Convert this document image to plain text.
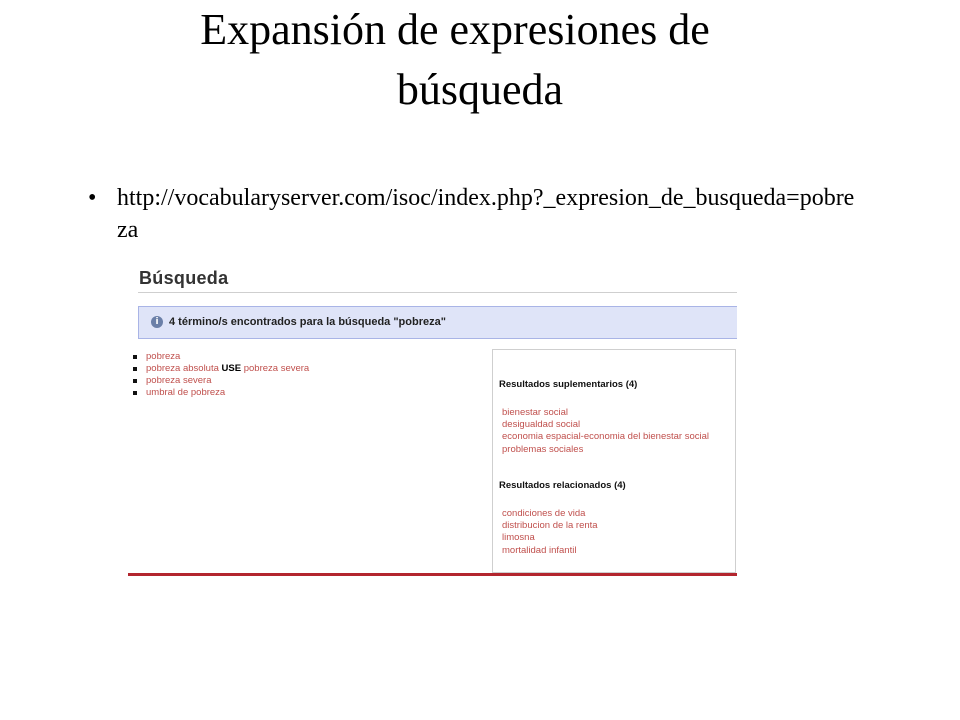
Expansión de expresiones de
búsqueda
• http://vocabularyserver.com/isoc/index.php?_expresion_de_busqueda=pobreza
Búsqueda
i 4 término/s encontrados para la búsqueda "pobreza"
pobreza
pobreza absoluta USE pobreza severa
pobreza severa
umbral de pobreza
Resultados suplementarios (4)
bienestar social
desigualdad social
economia espacial-economia del bienestar social
problemas sociales
Resultados relacionados (4)
condiciones de vida
distribucion de la renta
limosna
mortalidad infantil
